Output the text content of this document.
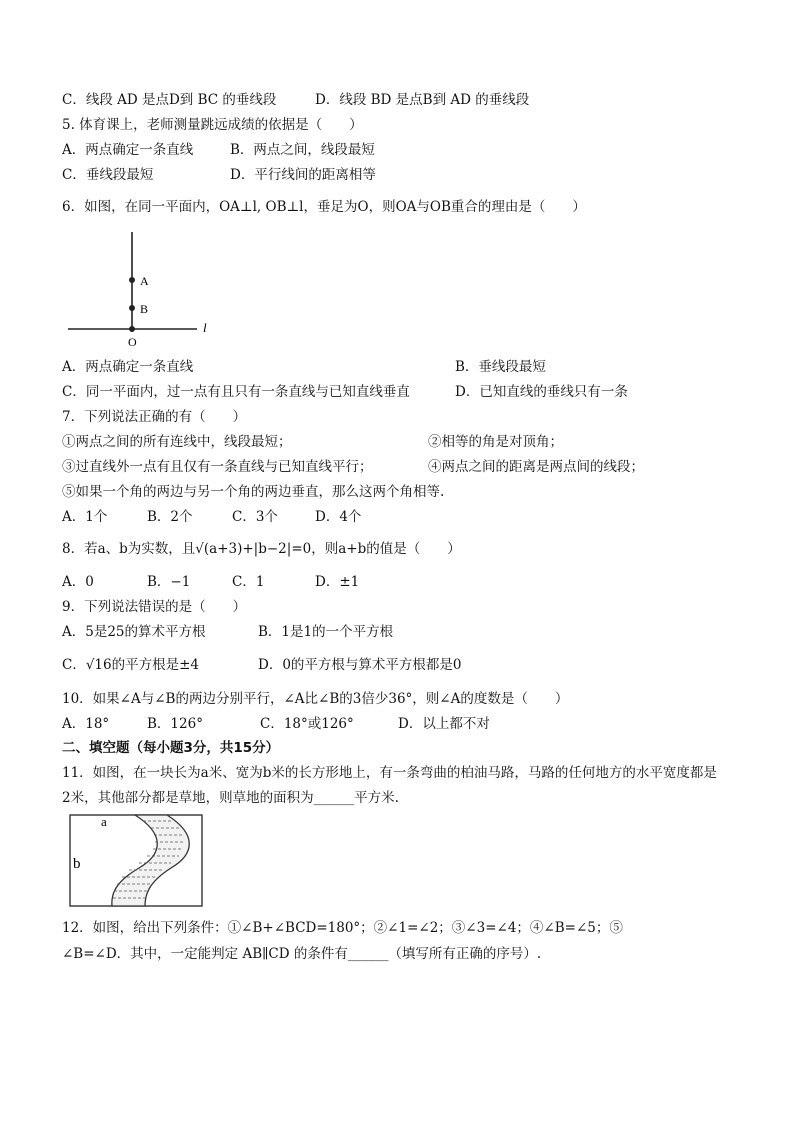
C．线段 AD 是点D到 BC 的垂线段	D．线段 BD 是点B到 AD 的垂线段
5. 体育课上，老师测量跳远成绩的依据是（　　）
A．两点确定一条直线	B．两点之间，线段最短
C．垂线段最短	D．平行线间的距离相等
6．如图，在同一平面内，OA⊥l, OB⊥l，垂足为O，则OA与OB重合的理由是（　　）
A
B
O
l
A．两点确定一条直线	B．垂线段最短
C．同一平面内，过一点有且只有一条直线与已知直线垂直	D．已知直线的垂线只有一条
7．下列说法正确的有（　　）
①两点之间的所有连线中，线段最短；	②相等的角是对顶角；
③过直线外一点有且仅有一条直线与已知直线平行；	④两点之间的距离是两点间的线段；
⑤如果一个角的两边与另一个角的两边垂直，那么这两个角相等.
A．1个	B．2个	C．3个	D．4个
8．若a、b为实数，且√(a+3)+|b−2|=0，则a+b的值是（　　）
A．0	B．−1	C．1	D．±1
9．下列说法错误的是（　　）
A．5是25的算术平方根	B．1是1的一个平方根
C．√16的平方根是±4	D．0的平方根与算术平方根都是0
10．如果∠A与∠B的两边分别平行，∠A比∠B的3倍少36°，则∠A的度数是（　　）
A．18°	B．126°	C．18°或126°	D．以上都不对
二、填空题（每小题3分，共15分）
11．如图，在一块长为a米、宽为b米的长方形地上，有一条弯曲的柏油马路，马路的任何地方的水平宽度都是
2米，其他部分都是草地，则草地的面积为______平方米.
a
b
12．如图，给出下列条件：①∠B+∠BCD=180°；②∠1=∠2；③∠3=∠4；④∠B=∠5；⑤
∠B=∠D．其中，一定能判定 AB∥CD 的条件有______（填写所有正确的序号）.
